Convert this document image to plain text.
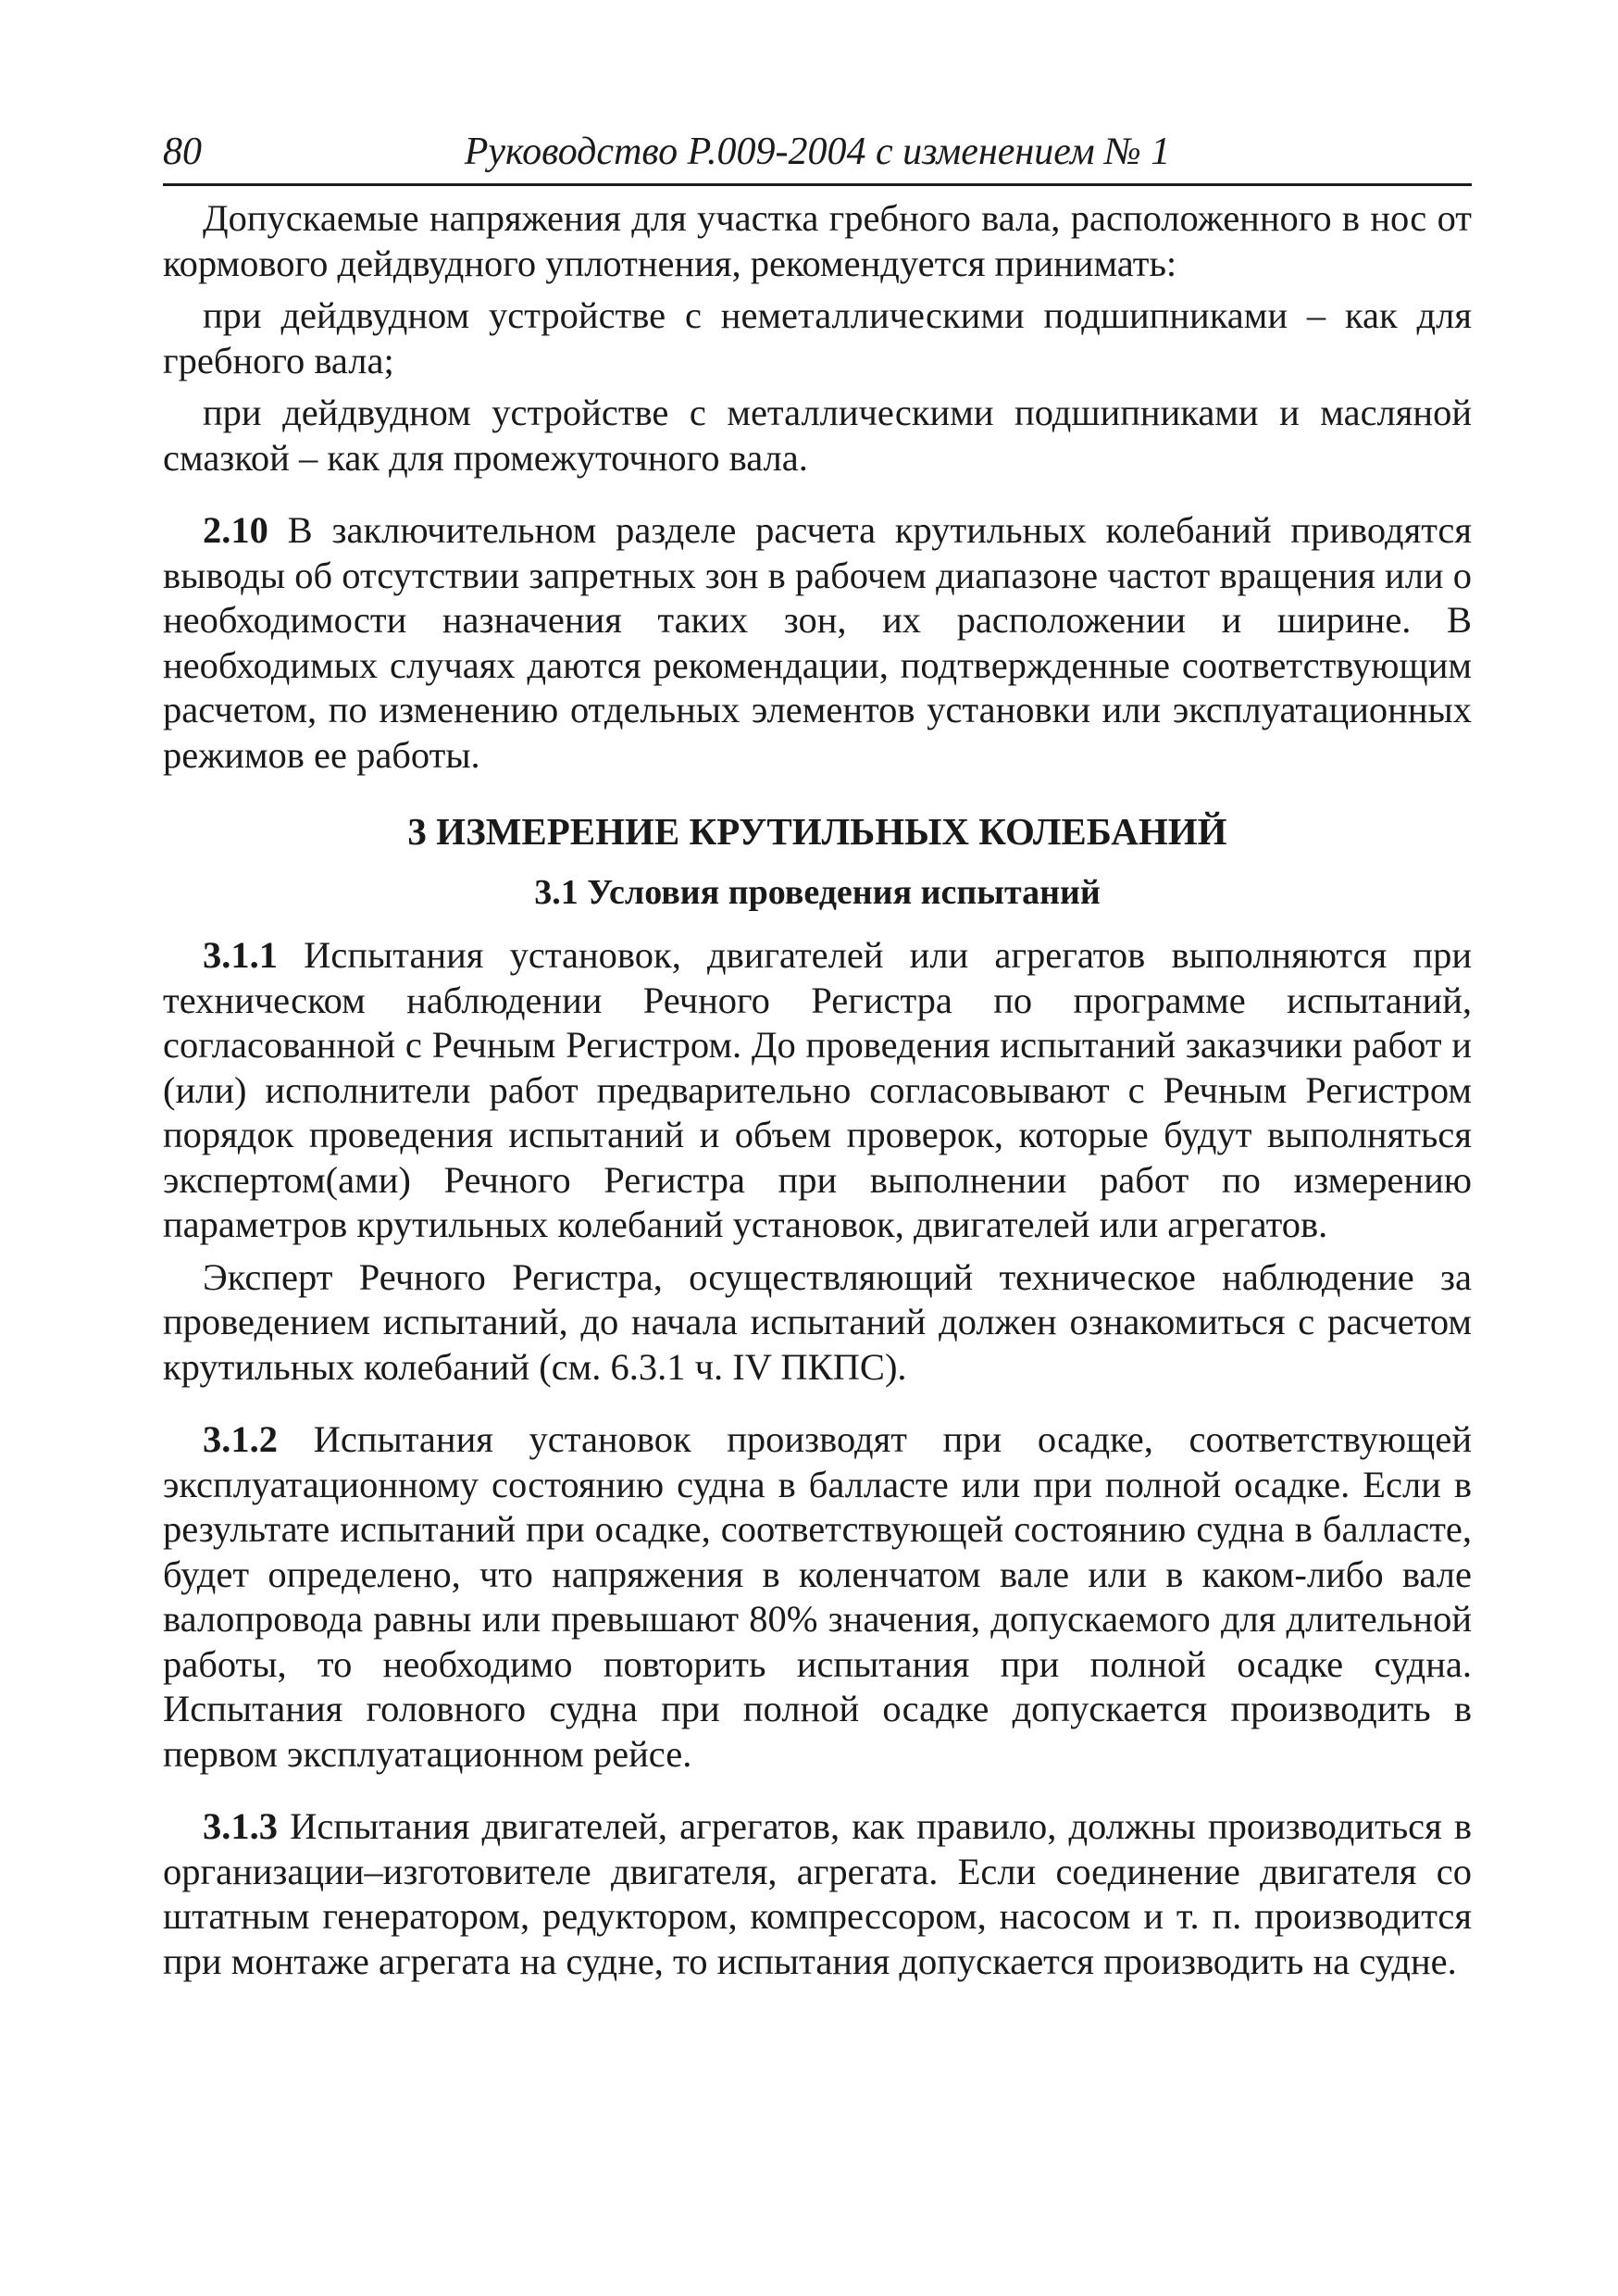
80	Руководство Р.009-2004 с изменением № 1

Допускаемые напряжения для участка гребного вала, расположенного в нос от кормового дейдвудного уплотнения, рекомендуется принимать:

при дейдвудном устройстве с неметаллическими подшипниками – как для гребного вала;

при дейдвудном устройстве с металлическими подшипниками и масляной смазкой – как для промежуточного вала.

2.10 В заключительном разделе расчета крутильных колебаний приводятся выводы об отсутствии запретных зон в рабочем диапазоне частот вращения или о необходимости назначения таких зон, их расположении и ширине. В необходимых случаях даются рекомендации, подтвержденные соответствующим расчетом, по изменению отдельных элементов установки или эксплуатационных режимов ее работы.

3 ИЗМЕРЕНИЕ КРУТИЛЬНЫХ КОЛЕБАНИЙ
3.1 Условия проведения испытаний

3.1.1 Испытания установок, двигателей или агрегатов выполняются при техническом наблюдении Речного Регистра по программе испытаний, согласованной с Речным Регистром. До проведения испытаний заказчики работ и (или) исполнители работ предварительно согласовывают с Речным Регистром порядок проведения испытаний и объем проверок, которые будут выполняться экспертом(ами) Речного Регистра при выполнении работ по измерению параметров крутильных колебаний установок, двигателей или агрегатов.

Эксперт Речного Регистра, осуществляющий техническое наблюдение за проведением испытаний, до начала испытаний должен ознакомиться с расчетом крутильных колебаний (см. 6.3.1 ч. IV ПКПС).

3.1.2 Испытания установок производят при осадке, соответствующей эксплуатационному состоянию судна в балласте или при полной осадке. Если в результате испытаний при осадке, соответствующей состоянию судна в балласте, будет определено, что напряжения в коленчатом вале или в каком-либо вале валопровода равны или превышают 80% значения, допускаемого для длительной работы, то необходимо повторить испытания при полной осадке судна. Испытания головного судна при полной осадке допускается производить в первом эксплуатационном рейсе.

3.1.3 Испытания двигателей, агрегатов, как правило, должны производиться в организации–изготовителе двигателя, агрегата. Если соединение двигателя со штатным генератором, редуктором, компрессором, насосом и т. п. производится при монтаже агрегата на судне, то испытания допускается производить на судне.
